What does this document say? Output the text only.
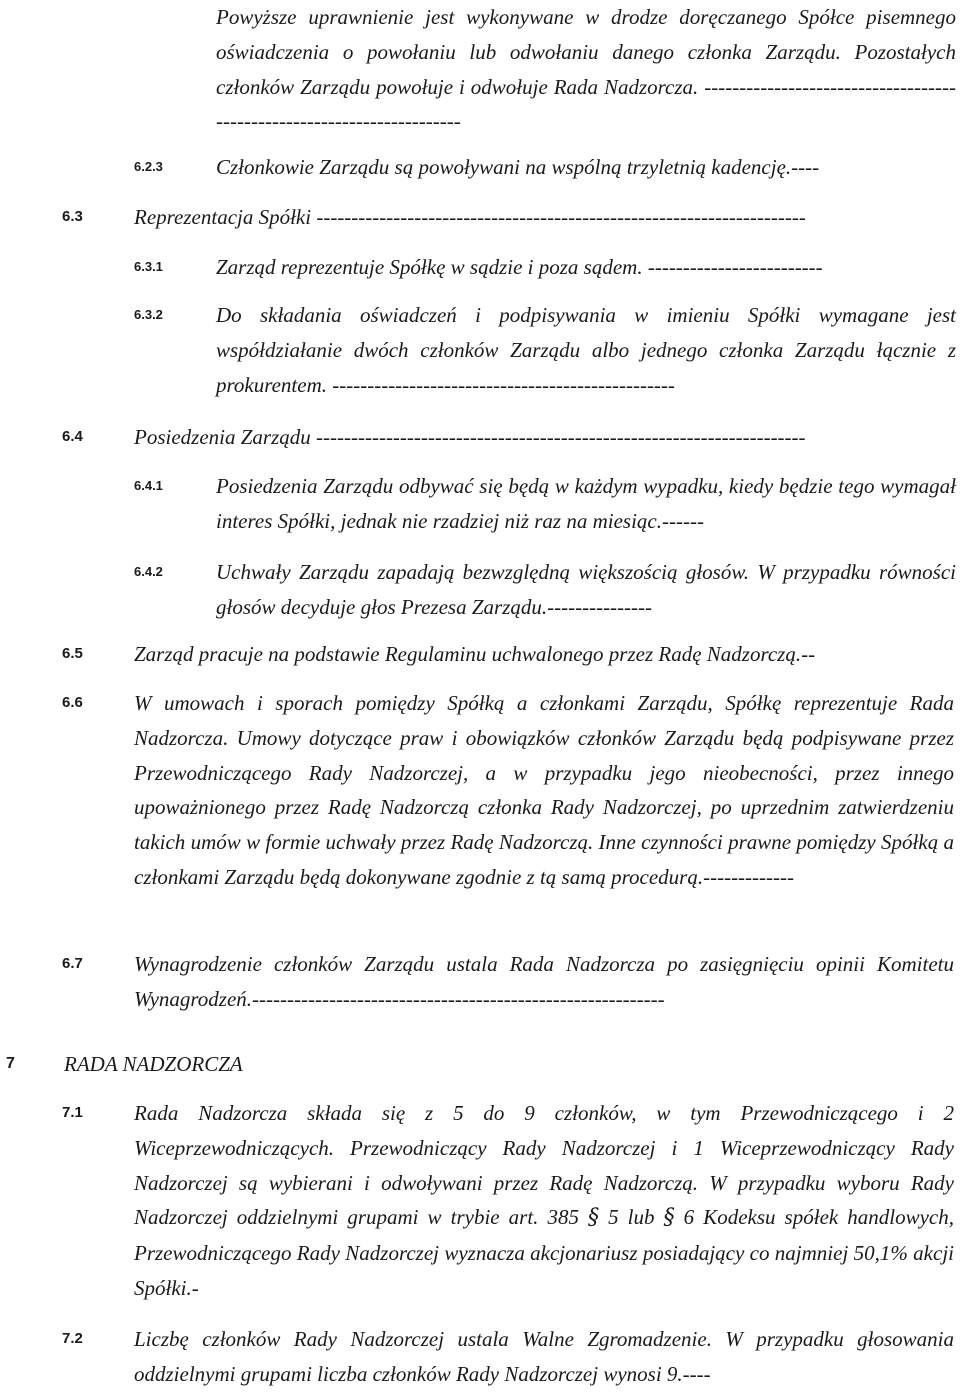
Powyższe uprawnienie jest wykonywane w drodze doręczanego Spółce pisemnego oświadczenia o powołaniu lub odwołaniu danego członka Zarządu. Pozostałych członków Zarządu powołuje i odwołuje Rada Nadzorcza. -----------------------------------------------------------------------
6.2.3	Członkowie Zarządu są powoływani na wspólną trzyletnią kadencję.----
6.3 Reprezentacja Spółki ----------------------------------------------------------------------
6.3.1	Zarząd reprezentuje Spółkę w sądzie i poza sądem. -------------------------
6.3.2	Do składania oświadczeń i podpisywania w imieniu Spółki wymagane jest współdziałanie dwóch członków Zarządu albo jednego członka Zarządu łącznie z prokurentem. -------------------------------------------------
6.4 Posiedzenia Zarządu ----------------------------------------------------------------------
6.4.1	Posiedzenia Zarządu odbywać się będą w każdym wypadku, kiedy będzie tego wymagał interes Spółki, jednak nie rzadziej niż raz na miesiąc.------
6.4.2	Uchwały Zarządu zapadają bezwzględną większością głosów. W przypadku równości głosów decyduje głos Prezesa Zarządu.---------------
6.5 Zarząd pracuje na podstawie Regulaminu uchwalonego przez Radę Nadzorczą.--
6.6 W umowach i sporach pomiędzy Spółką a członkami Zarządu, Spółkę reprezentuje Rada Nadzorcza. Umowy dotyczące praw i obowiązków członków Zarządu będą podpisywane przez Przewodniczącego Rady Nadzorczej, a w przypadku jego nieobecności, przez innego upoważnionego przez Radę Nadzorczą członka Rady Nadzorczej, po uprzednim zatwierdzeniu takich umów w formie uchwały przez Radę Nadzorczą. Inne czynności prawne pomiędzy Spółką a członkami Zarządu będą dokonywane zgodnie z tą samą procedurą.-------------
6.7 Wynagrodzenie członków Zarządu ustala Rada Nadzorcza po zasięgnięciu opinii Komitetu Wynagrodzeń.-----------------------------------------------------------
7 RADA NADZORCZA
7.1 Rada Nadzorcza składa się z 5 do 9 członków, w tym Przewodniczącego i 2 Wiceprzewodniczących. Przewodniczący Rady Nadzorczej i 1 Wiceprzewodniczący Rady Nadzorczej są wybierani i odwoływani przez Radę Nadzorczą. W przypadku wyboru Rady Nadzorczej oddzielnymi grupami w trybie art. 385 § 5 lub § 6 Kodeksu spółek handlowych, Przewodniczącego Rady Nadzorczej wyznacza akcjonariusz posiadający co najmniej 50,1% akcji Spółki.-
7.2 Liczbę członków Rady Nadzorczej ustala Walne Zgromadzenie. W przypadku głosowania oddzielnymi grupami liczba członków Rady Nadzorczej wynosi 9.----
